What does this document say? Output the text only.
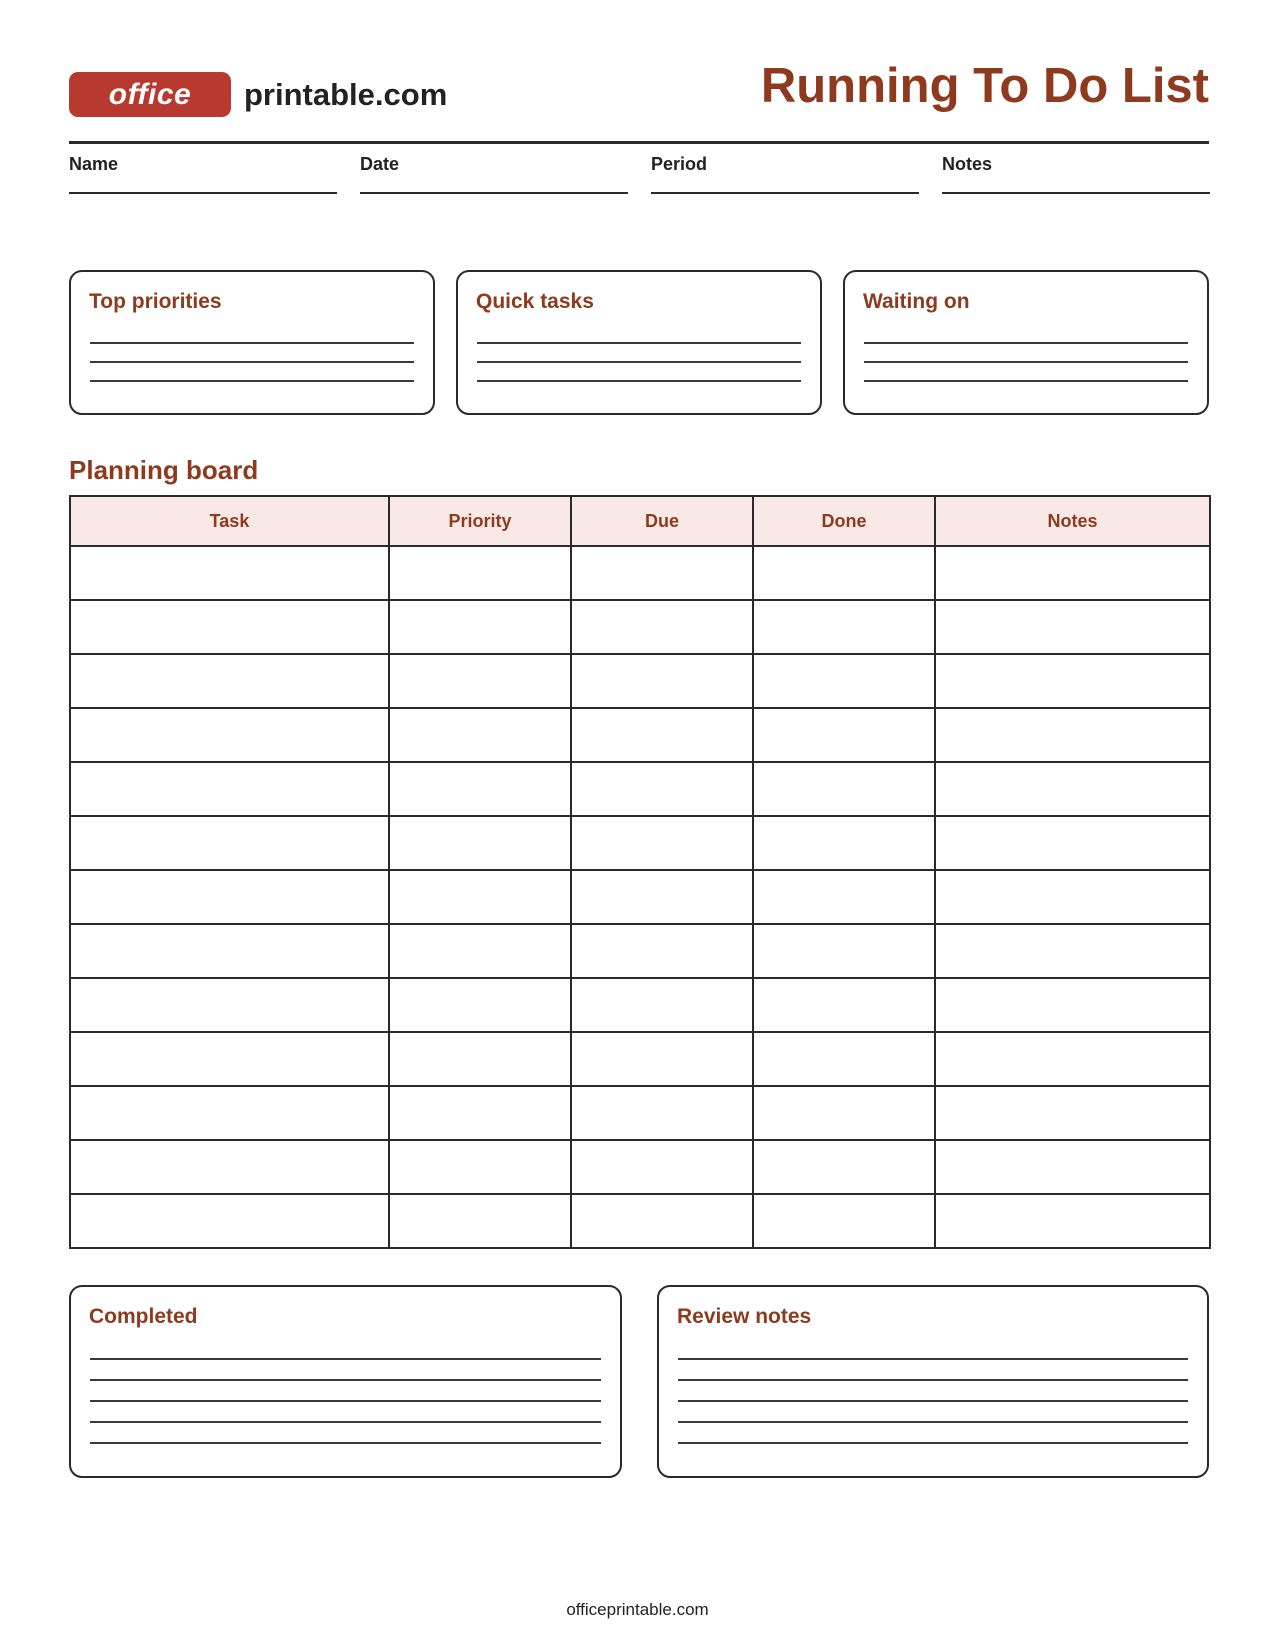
office	printable.com	Running To Do List
Name	Date	Period	Notes
Top priorities	Quick tasks	Waiting on
Planning board
Task	Priority	Due	Done	Notes

Completed	Review notes
officeprintable.com
